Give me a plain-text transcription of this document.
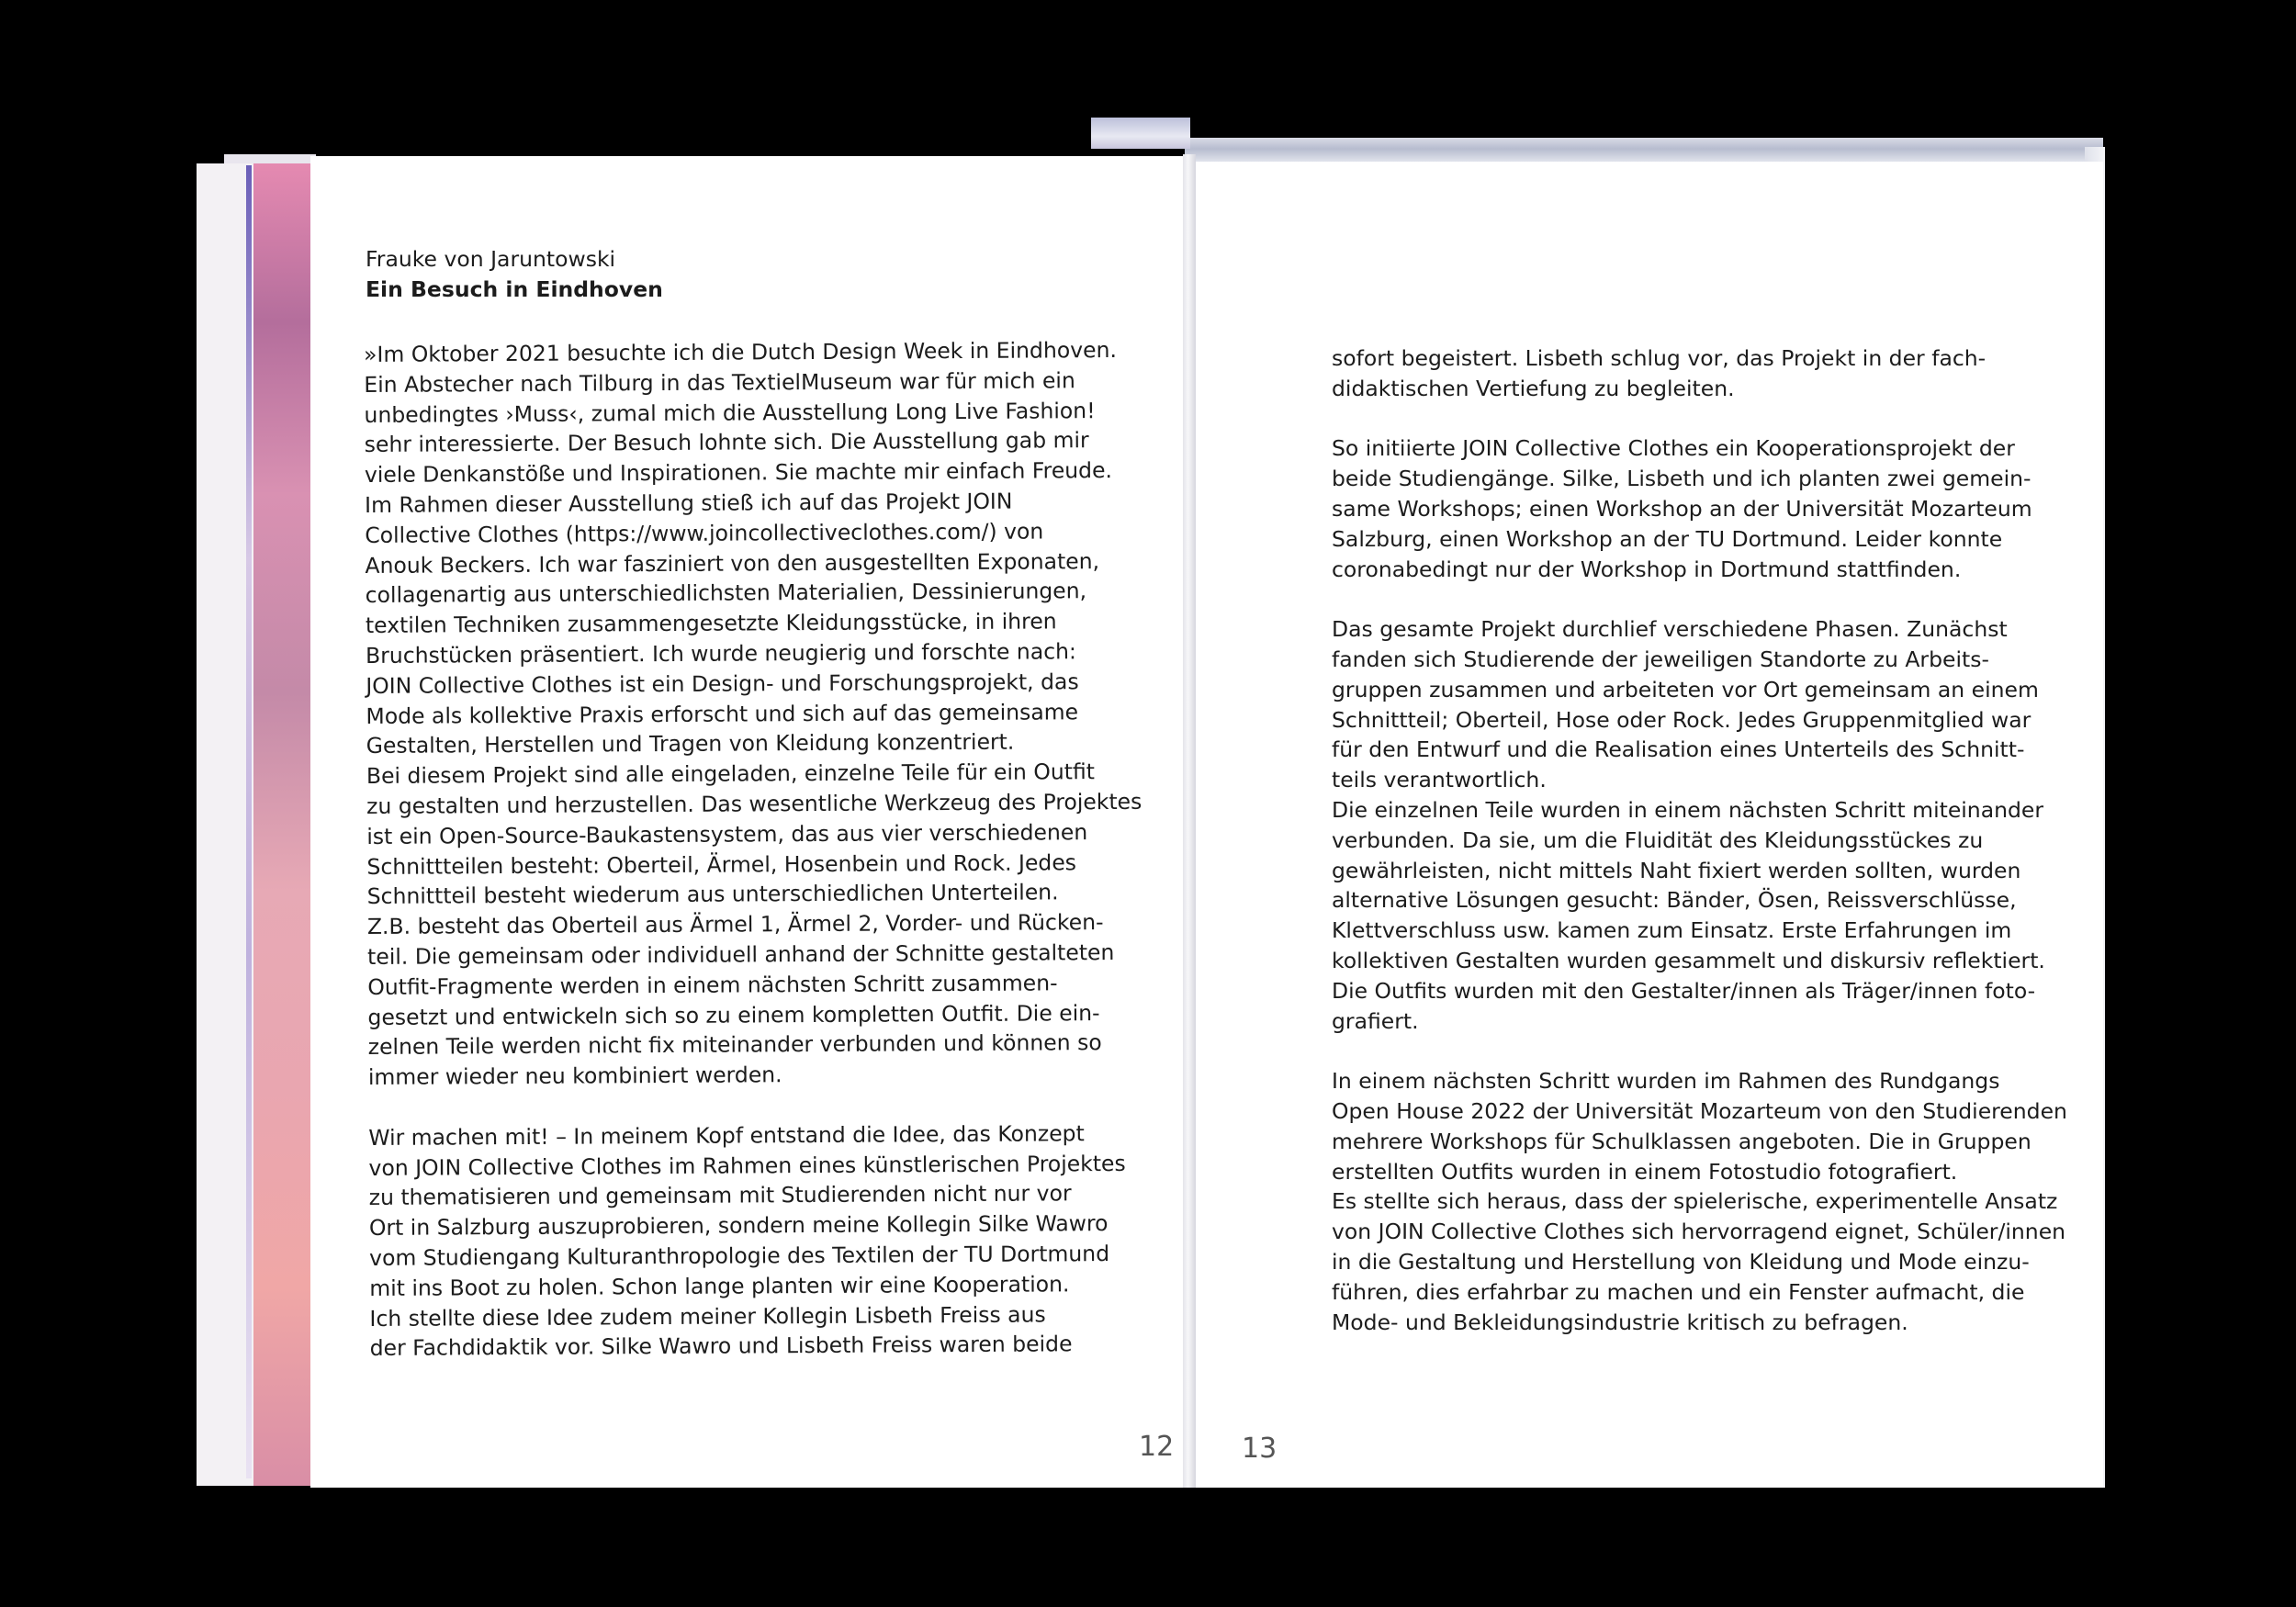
Frauke von Jaruntowski
Ein Besuch in Eindhoven
»Im Oktober 2021 besuchte ich die Dutch Design Week in Eindhoven.
Ein Abstecher nach Tilburg in das TextielMuseum war für mich ein
unbedingtes ›Muss‹, zumal mich die Ausstellung Long Live Fashion!
sehr interessierte. Der Besuch lohnte sich. Die Ausstellung gab mir
viele Denkanstöße und Inspirationen. Sie machte mir einfach Freude.
Im Rahmen dieser Ausstellung stieß ich auf das Projekt JOIN
Collective Clothes (https://www.joincollectiveclothes.com/) von
Anouk Beckers. Ich war fasziniert von den ausgestellten Exponaten,
collagenartig aus unterschiedlichsten Materialien, Dessinierungen,
textilen Techniken zusammengesetzte Kleidungsstücke, in ihren
Bruchstücken präsentiert. Ich wurde neugierig und forschte nach:
JOIN Collective Clothes ist ein Design- und Forschungsprojekt, das
Mode als kollektive Praxis erforscht und sich auf das gemeinsame
Gestalten, Herstellen und Tragen von Kleidung konzentriert.
Bei diesem Projekt sind alle eingeladen, einzelne Teile für ein Outfit
zu gestalten und herzustellen. Das wesentliche Werkzeug des Projektes
ist ein Open-Source-Baukastensystem, das aus vier verschiedenen
Schnittteilen besteht: Oberteil, Ärmel, Hosenbein und Rock. Jedes
Schnittteil besteht wiederum aus unterschiedlichen Unterteilen.
Z.B. besteht das Oberteil aus Ärmel 1, Ärmel 2, Vorder- und Rücken-
teil. Die gemeinsam oder individuell anhand der Schnitte gestalteten
Outfit-Fragmente werden in einem nächsten Schritt zusammen-
gesetzt und entwickeln sich so zu einem kompletten Outfit. Die ein-
zelnen Teile werden nicht fix miteinander verbunden und können so
immer wieder neu kombiniert werden.
Wir machen mit! – In meinem Kopf entstand die Idee, das Konzept
von JOIN Collective Clothes im Rahmen eines künstlerischen Projektes
zu thematisieren und gemeinsam mit Studierenden nicht nur vor
Ort in Salzburg auszuprobieren, sondern meine Kollegin Silke Wawro
vom Studiengang Kulturanthropologie des Textilen der TU Dortmund
mit ins Boot zu holen. Schon lange planten wir eine Kooperation.
Ich stellte diese Idee zudem meiner Kollegin Lisbeth Freiss aus
der Fachdidaktik vor. Silke Wawro und Lisbeth Freiss waren beide
sofort begeistert. Lisbeth schlug vor, das Projekt in der fach-
didaktischen Vertiefung zu begleiten.
So initiierte JOIN Collective Clothes ein Kooperationsprojekt der
beide Studiengänge. Silke, Lisbeth und ich planten zwei gemein-
same Workshops; einen Workshop an der Universität Mozarteum
Salzburg, einen Workshop an der TU Dortmund. Leider konnte
coronabedingt nur der Workshop in Dortmund stattfinden.
Das gesamte Projekt durchlief verschiedene Phasen. Zunächst
fanden sich Studierende der jeweiligen Standorte zu Arbeits-
gruppen zusammen und arbeiteten vor Ort gemeinsam an einem
Schnittteil; Oberteil, Hose oder Rock. Jedes Gruppenmitglied war
für den Entwurf und die Realisation eines Unterteils des Schnitt-
teils verantwortlich.
Die einzelnen Teile wurden in einem nächsten Schritt miteinander
verbunden. Da sie, um die Fluidität des Kleidungsstückes zu
gewährleisten, nicht mittels Naht fixiert werden sollten, wurden
alternative Lösungen gesucht: Bänder, Ösen, Reissverschlüsse,
Klettverschluss usw. kamen zum Einsatz. Erste Erfahrungen im
kollektiven Gestalten wurden gesammelt und diskursiv reflektiert.
Die Outfits wurden mit den Gestalter/innen als Träger/innen foto-
grafiert.
In einem nächsten Schritt wurden im Rahmen des Rundgangs
Open House 2022 der Universität Mozarteum von den Studierenden
mehrere Workshops für Schulklassen angeboten. Die in Gruppen
erstellten Outfits wurden in einem Fotostudio fotografiert.
Es stellte sich heraus, dass der spielerische, experimentelle Ansatz
von JOIN Collective Clothes sich hervorragend eignet, Schüler/innen
in die Gestaltung und Herstellung von Kleidung und Mode einzu-
führen, dies erfahrbar zu machen und ein Fenster aufmacht, die
Mode- und Bekleidungsindustrie kritisch zu befragen.
12 13
